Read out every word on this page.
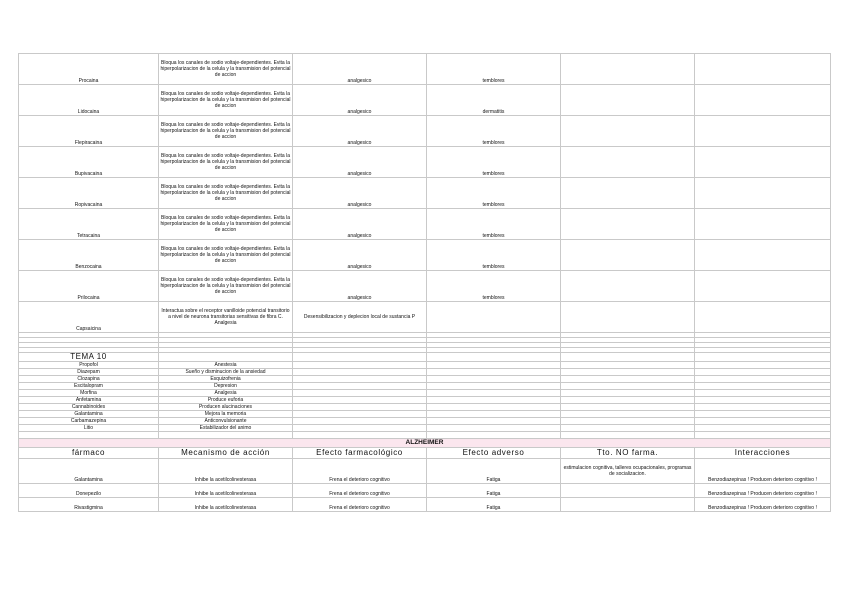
Procaina	Bloqua los canales de sodio voltaje-dependientes. Evita la hiperpolarizacion de la celula y la transmision del potencial de accion	analgesico	temblores		
Lidocaina	Bloqua los canales de sodio voltaje-dependientes. Evita la hiperpolarizacion de la celula y la transmision del potencial de accion	analgesico	dermatitis		
Flepiracaina	Bloqua los canales de sodio voltaje-dependientes. Evita la hiperpolarizacion de la celula y la transmision del potencial de accion	analgesico	temblores		
Bupivacaina	Bloqua los canales de sodio voltaje-dependientes. Evita la hiperpolarizacion de la celula y la transmision del potencial de accion	analgesico	temblores		
Ropivacaina	Bloqua los canales de sodio voltaje-dependientes. Evita la hiperpolarizacion de la celula y la transmision del potencial de accion	analgesico	temblores		
Tetracaina	Bloqua los canales de sodio voltaje-dependientes. Evita la hiperpolarizacion de la celula y la transmision del potencial de accion	analgesico	temblores		
Benzocaina	Bloqua los canales de sodio voltaje-dependientes. Evita la hiperpolarizacion de la celula y la transmision del potencial de accion	analgesico	temblores		
Prilocaina	Bloqua los canales de sodio voltaje-dependientes. Evita la hiperpolarizacion de la celula y la transmision del potencial de accion	analgesico	temblores		
Capsaicina	Interactua sobre el receptor vanilloide potencial transitorio a nivel de neurona transitorias sensitivas de fibra C. Analgesia	Desensibilizacion y deplecion local de sustancia P			

TEMA 10					
Propofol	Anestesia				
Diazepam	Sueño y disminucion de la ansiedad				
Clozapina	Esquizofrenia				
Escitalopram	Depresion				
Morfina	Analgesia				
Anfetamina	Produce euforia				
Cannabinoides	Producen alucinaciones				
Galantamina	Mejora la memoria				
Carbamazepina	Anticonvulsionante				
Litio	Estabilizador del animo				

ALZHEIMER					
fármaco	Mecanismo de acción	Efecto farmacológico	Efecto adverso	Tto. NO farma.	Interacciones
Galantamina	Inhibe la acetilcolinesterasa	Frena el deterioro cognitivo	Fatiga	estimulacion cognitiva, talleres ocupacionales, programas de socializacion.	Benzodiazepinas ! Producen deterioro cognitivo !
Donepezilo	Inhibe la acetilcolinesterasa	Frena el deterioro cognitivo	Fatiga		Benzodiazepinas ! Producen deterioro cognitivo !
Rivastigmina	Inhibe la acetilcolinesterasa	Frena el deterioro cognitivo	Fatiga		Benzodiazepinas ! Producen deterioro cognitivo !
